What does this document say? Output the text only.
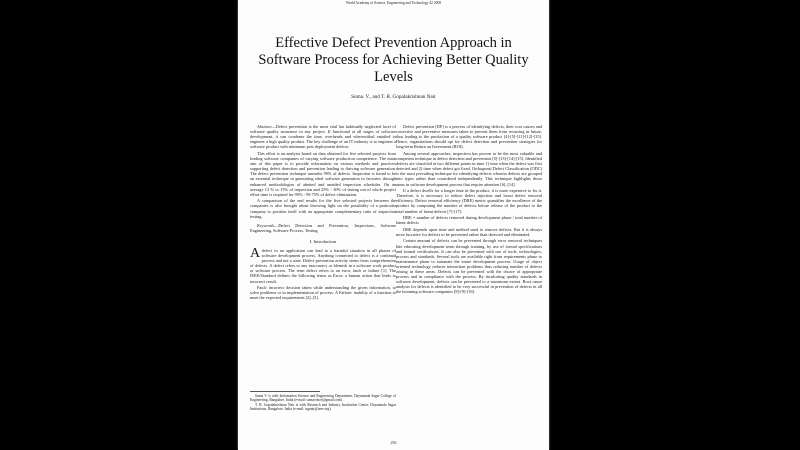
World Academy of Science, Engineering and Technology 42 2008
Effective Defect Prevention Approach in Software Process for Achieving Better Quality Levels
Suma. V., and T. R. Gopalakrishnan Nair

Abstract—Defect prevention is the most vital but habitually neglected facet of software quality assurance in any project. If functional at all stages of software development, it can condense the time, overheads and wherewithal entailed to engineer a high quality product. The key challenge of an IT industry is to engineer a software product with minimum post deployment defects.

This effort is an analysis based on data obtained for five selected projects from leading software companies of varying software production competence. The main aim of this paper is to provide information on various methods and practices supporting defect detection and prevention leading to thriving software generation. The defect prevention technique unearths 99% of defects. Inspection is found to be an essential technique in generating ideal software generation in factories through enhanced methodologies of abetted and unaided inspection schedules. On an average 13 % to 15% of inspection and 25% - 30% of testing out of whole project effort time is required for 99% - 99.75% of defect elimination.

A comparison of the end results for the five selected projects between the companies is also brought about throwing light on the possibility of a particular company to position itself with an appropriate complementary ratio of inspection testing.

Keywords—Defect Detection and Prevention, Inspections, Software Engineering, Software Process, Testing.

I. Introduction

Adefect in an application can lead to a harmful situation in all phases of software development process. Anything connected to defect is a continual process and not a state. Defect prevention activity stems from comprehension of defects. A defect refers to any inaccuracy or blemish in a software work product or software process. The term defect refers to an error, fault or failure [1]. The IEEE/Standard defines the following terms as Error: a human action that leads to incorrect result.

Fault: incorrect decision taken while understanding the given information, to solve problems or in implementation of process. A Failure: inability of a function to meet the expected requirements [2]–[3].

Suma V. is with Information Science and Engineering Department, Dayananda Sagar College of Engineering, Bangalore, India (e-mail: sumavdsce@gmail.com).

T. R. Gopalakrishnan Nair is with Research and Industry Incubation Center, Dayananda Sagar Institutions, Bangalore, India (e-mail: trgnair@ieee.org).

Defect prevention [DP] is a process of identifying defects, their root causes and corrective and preventive measures taken to prevent them from recurring in future, thus leading to the production of a quality software product [4]-[5]-[11]-[12]-[15]. Hence, organizations should opt for defect detection and prevention strategies for long-term Return on Investment (ROI).

Among several approaches, inspection has proven to be the most valuable and competent technique in defect detection and prevention [5]-[13]-[14]-[15]. Identified defects are classified at two different points in time 1) time when the defect was first detected and 2) time when defect got fixed. Orthogonal Defect Classification (ODC) is the most prevailing technique for identifying defects wherein defects are grouped into types rather than considered independently. This technique highlights those areas in software development process that require attention [6]–[14].

If a defect dwells for a longer time in the product, it is more expensive to fix it. Therefore, it is necessary to reduce defect injection and boost defect removal efficiency. Defect removal efficiency (DRE) metric quantifies the excellence of the product by computing the number of defects before release of the product to the total number of latent defects [7]-[17].

DRE = number of defects removed during development phase / total number of latent defects

DRE depends upon time and method used to remove defects. But it is always more lucrative for defects to be prevented rather than detected and eliminated.

Certain amount of defects can be prevented through error removal techniques like educating development team through training, by use of formal specifications and formal verifications. It can also be prevented with use of tools, technologies, process and standards. Several tools are available right from requirements phase to maintenance phase to automate the entire development process. Usage of object oriented technology reduces interaction problems thus reducing number of defects arising in these areas. Defects can be prevented with the choice of appropriate process and in compliance with the process. By inculcating quality standards in software development, defects can be prevented to a maximum extent. Root cause analysis for defects is identified to be very successful in prevention of defects in all the booming software companies [8]-[9]-[16].

256
